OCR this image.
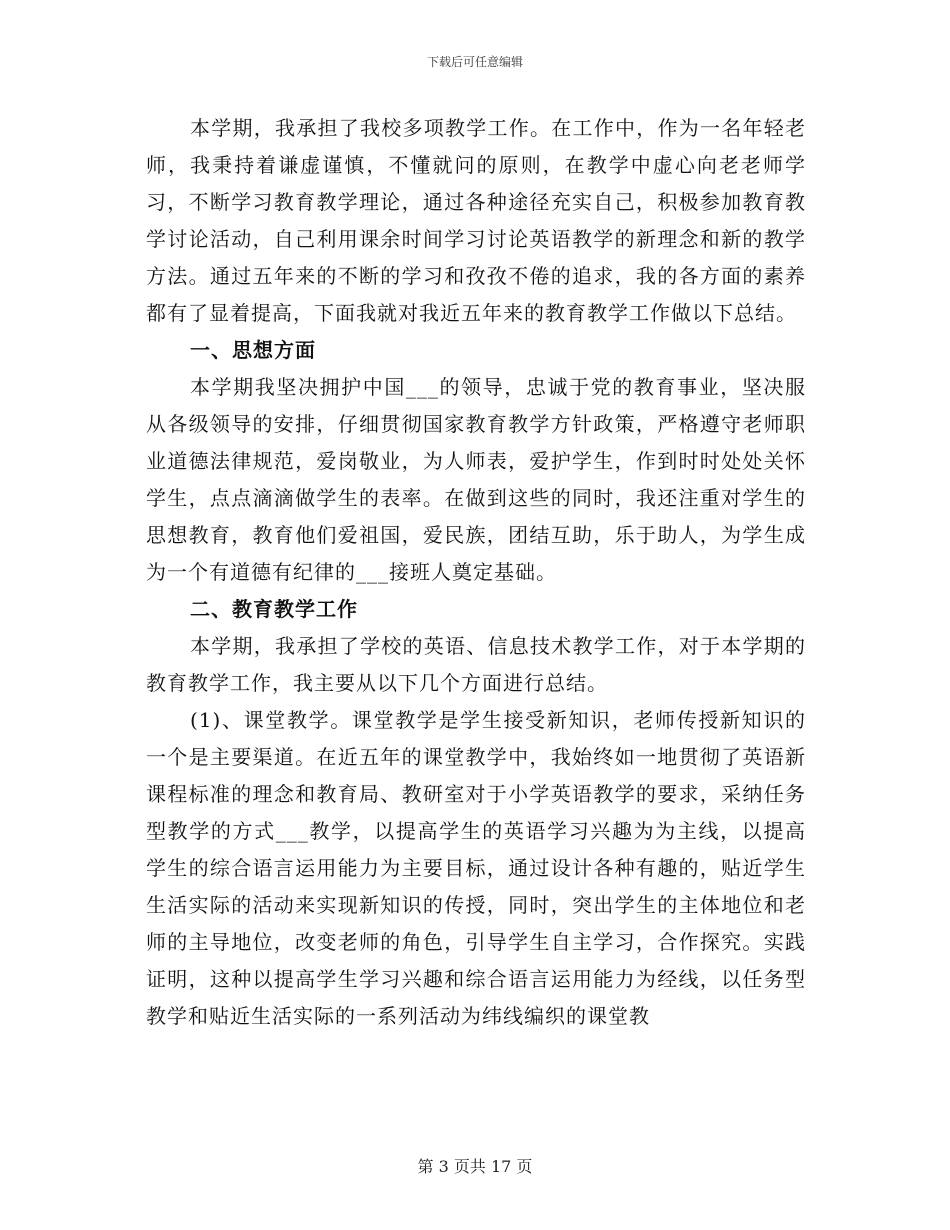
下载后可任意编辑

本学期，我承担了我校多项教学工作。在工作中，作为一名年轻老师，我秉持着谦虚谨慎，不懂就问的原则，在教学中虚心向老老师学习，不断学习教育教学理论，通过各种途径充实自己，积极参加教育教学讨论活动，自己利用课余时间学习讨论英语教学的新理念和新的教学方法。通过五年来的不断的学习和孜孜不倦的追求，我的各方面的素养都有了显着提高，下面我就对我近五年来的教育教学工作做以下总结。

一、思想方面

本学期我坚决拥护中国___的领导，忠诚于党的教育事业，坚决服从各级领导的安排，仔细贯彻国家教育教学方针政策，严格遵守老师职业道德法律规范，爱岗敬业，为人师表，爱护学生，作到时时处处关怀学生，点点滴滴做学生的表率。在做到这些的同时，我还注重对学生的思想教育，教育他们爱祖国，爱民族，团结互助，乐于助人，为学生成为一个有道德有纪律的___接班人奠定基础。

二、教育教学工作

本学期，我承担了学校的英语、信息技术教学工作，对于本学期的教育教学工作，我主要从以下几个方面进行总结。

(1)、课堂教学。课堂教学是学生接受新知识，老师传授新知识的一个是主要渠道。在近五年的课堂教学中，我始终如一地贯彻了英语新课程标准的理念和教育局、教研室对于小学英语教学的要求，采纳任务型教学的方式___教学，以提高学生的英语学习兴趣为为主线，以提高学生的综合语言运用能力为主要目标，通过设计各种有趣的，贴近学生生活实际的活动来实现新知识的传授，同时，突出学生的主体地位和老师的主导地位，改变老师的角色，引导学生自主学习，合作探究。实践证明，这种以提高学生学习兴趣和综合语言运用能力为经线，以任务型教学和贴近生活实际的一系列活动为纬线编织的课堂教

第 3 页共 17 页
